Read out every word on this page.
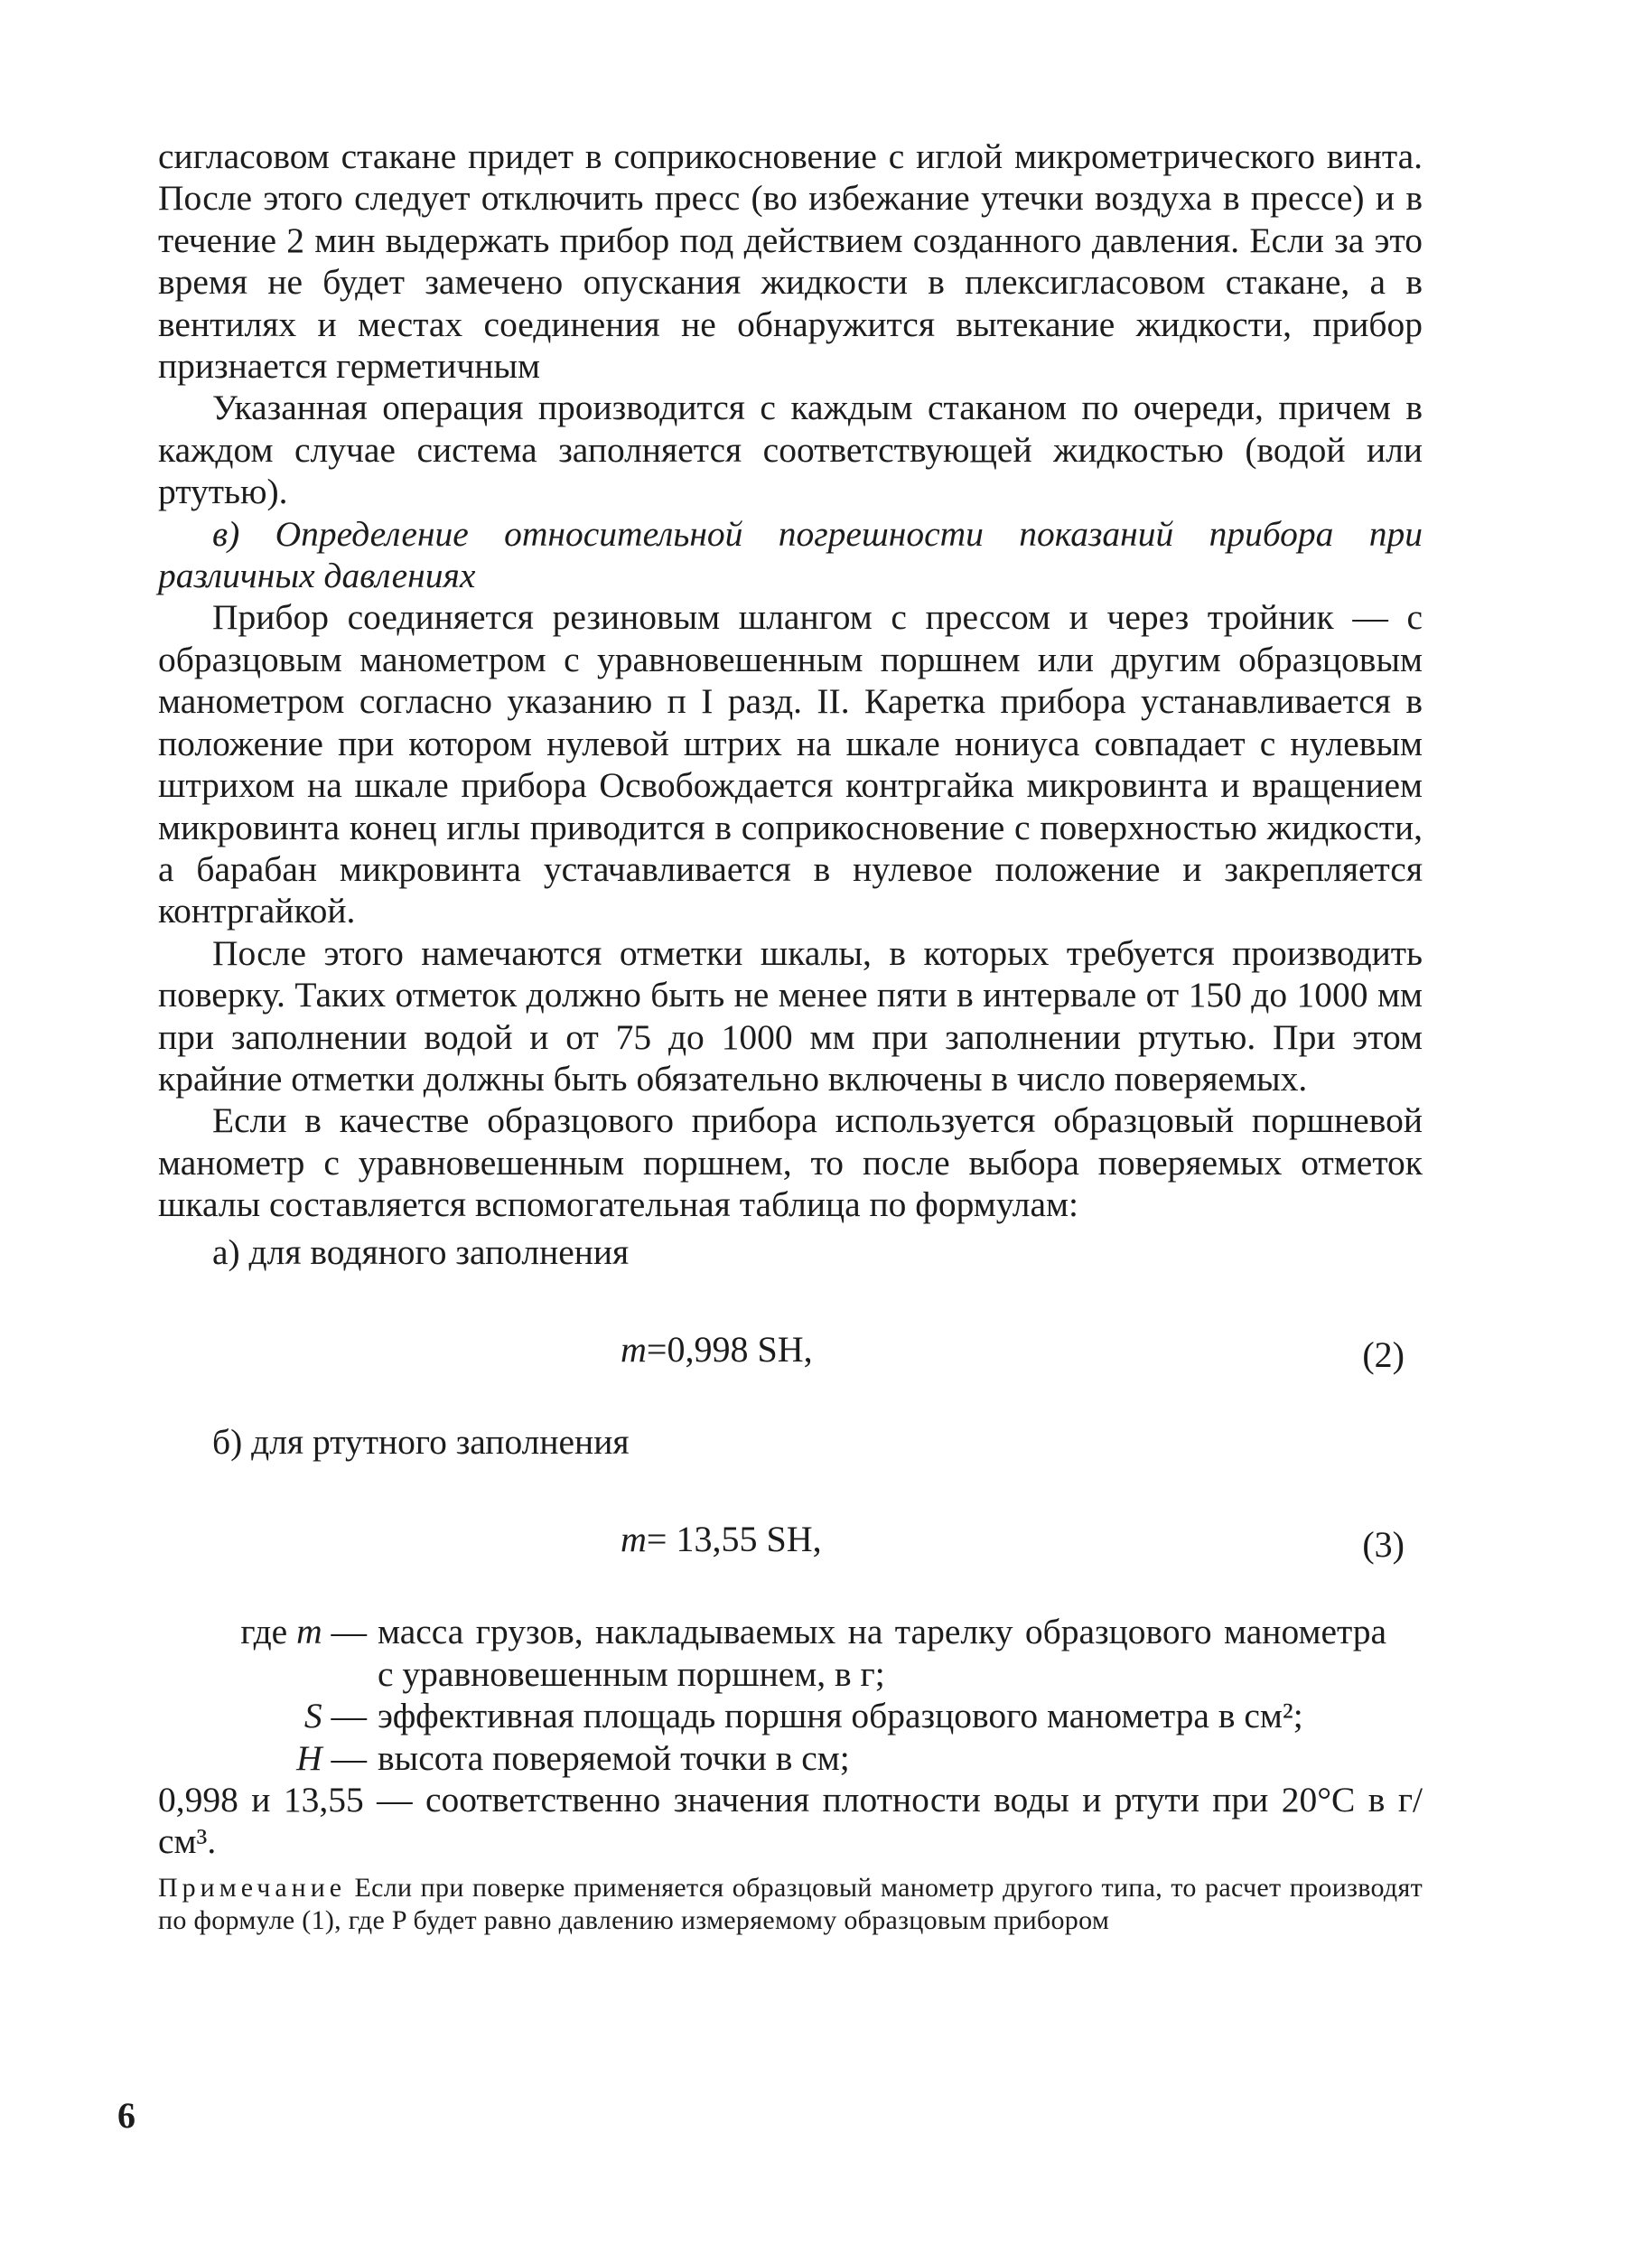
сигласовом стакане придет в соприкосновение с иглой микрометрического винта. После этого следует отключить пресс (во избежание утечки воздуха в прессе) и в течение 2 мин выдержать прибор под действием созданного давления. Если за это время не будет замечено опускания жидкости в плексигласовом стакане, а в вентилях и местах соединения не обнаружится вытекание жидкости, прибор признается герметичным

Указанная операция производится с каждым стаканом по очереди, причем в каждом случае система заполняется соответствующей жидкостью (водой или ртутью).

в) Определение относительной погрешности показаний прибора при различных давлениях

Прибор соединяется резиновым шлангом с прессом и через тройник — с образцовым манометром с уравновешенным поршнем или другим образцовым манометром согласно указанию п I разд. II. Каретка прибора устанавливается в положение при котором нулевой штрих на шкале нониуса совпадает с нулевым штрихом на шкале прибора Освобождается контргайка микровинта и вращением микровинта конец иглы приводится в соприкосновение с поверхностью жидкости, а барабан микровинта устачавливается в нулевое положение и закрепляется контргайкой.

После этого намечаются отметки шкалы, в которых требуется производить поверку. Таких отметок должно быть не менее пяти в интервале от 150 до 1000 мм при заполнении водой и от 75 до 1000 мм при заполнении ртутью. При этом крайние отметки должны быть обязательно включены в число поверяемых.

Если в качестве образцового прибора используется образцовый поршневой манометр с уравновешенным поршнем, то после выбора поверяемых отметок шкалы составляется вспомогательная таблица по формулам:

а) для водяного заполнения

m=0,998 SH,	(2)

б) для ртутного заполнения

m= 13,55 SH,	(3)
где m — масса грузов, накладываемых на тарелку образцового манометра с уравновешенным поршнем, в г;
S — эффективная площадь поршня образцового манометра в см²;
H — высота поверяемой точки в см;

0,998 и 13,55 — соответственно значения плотности воды и ртути при 20°С в г/см³.

Примечание Если при поверке применяется образцовый манометр другого типа, то расчет производят по формуле (1), где P будет равно давлению измеряемому образцовым прибором

6
